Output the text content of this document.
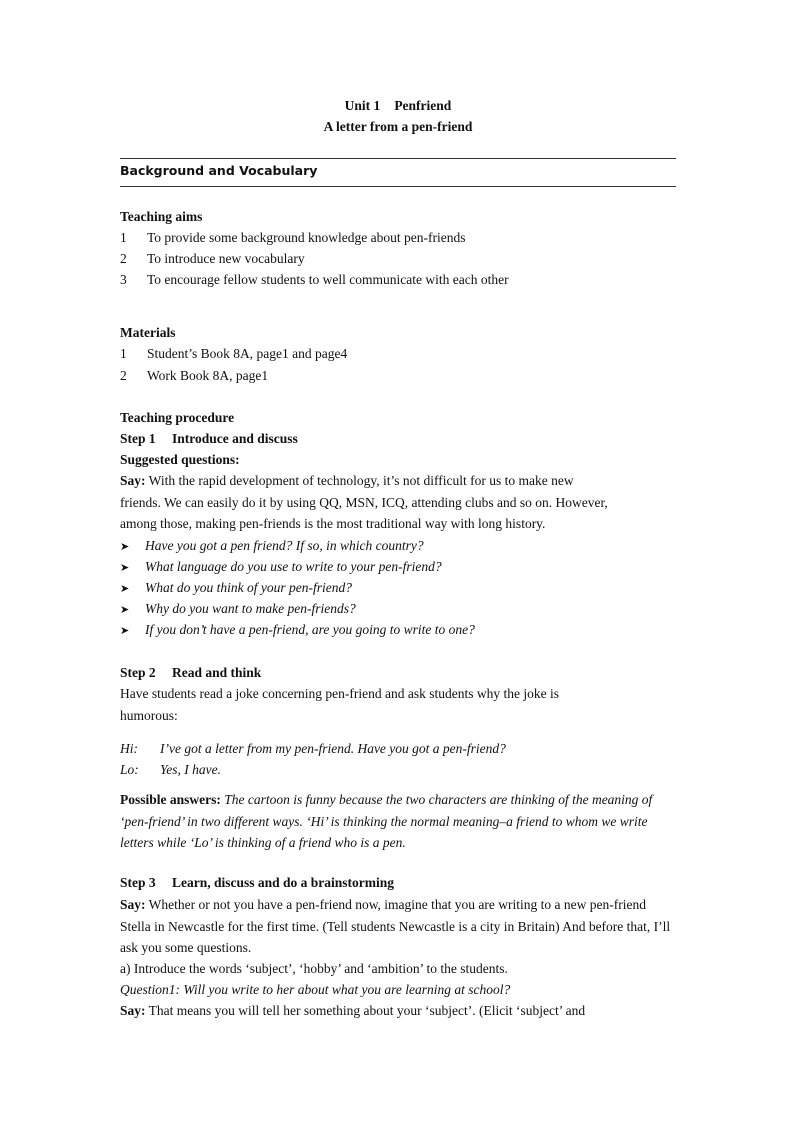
Unit 1 Penfriend
A letter from a pen-friend
Background and Vocabulary
Teaching aims
1 To provide some background knowledge about pen-friends
2 To introduce new vocabulary
3 To encourage fellow students to well communicate with each other
Materials
1 Student’s Book 8A, page1 and page4
2 Work Book 8A, page1
Teaching procedure
Step 1 Introduce and discuss
Suggested questions:
Say: With the rapid development of technology, it’s not difficult for us to make new
friends. We can easily do it by using QQ, MSN, ICQ, attending clubs and so on. However,
among those, making pen-friends is the most traditional way with long history.
➤ Have you got a pen friend? If so, in which country?
➤ What language do you use to write to your pen-friend?
➤ What do you think of your pen-friend?
➤ Why do you want to make pen-friends?
➤ If you don’t have a pen-friend, are you going to write to one?
Step 2 Read and think
Have students read a joke concerning pen-friend and ask students why the joke is
humorous:
Hi: I’ve got a letter from my pen-friend. Have you got a pen-friend?
Lo: Yes, I have.
Possible answers: The cartoon is funny because the two characters are thinking of the meaning of ‘pen-friend’ in two different ways. ‘Hi’ is thinking the normal meaning–a friend to whom we write letters while ‘Lo’ is thinking of a friend who is a pen.
Step 3 Learn, discuss and do a brainstorming
Say: Whether or not you have a pen-friend now, imagine that you are writing to a new pen-friend Stella in Newcastle for the first time. (Tell students Newcastle is a city in Britain) And before that, I’ll ask you some questions.
a) Introduce the words ‘subject’, ‘hobby’ and ‘ambition’ to the students.
Question1: Will you write to her about what you are learning at school?
Say: That means you will tell her something about your ‘subject’. (Elicit ‘subject’ and
